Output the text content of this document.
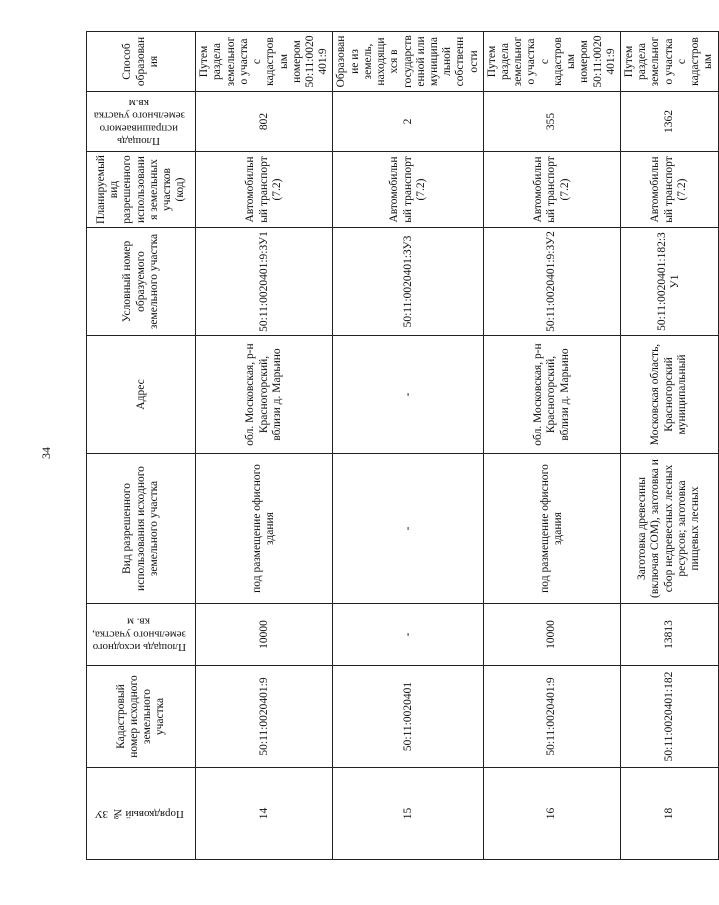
34
Порядковый № ЗУ	Кадастровый номер исходного земельного участка	Площадь исходного земельного участка, кв. м	Вид разрешенного использования исходного земельного участка	Адрес	Условный номер образуемого земельного участка	Планируемый вид разрешенного использования земельных участков (код)	Площадь испрашиваемого земельного участка кв.м	Способ образования
14	50:11:0020401:9	10000	под размещение офисного здания	обл. Московская, р-н Красногорский, вблизи д. Марьино	50:11:0020401:9:ЗУ1	Автомобильный транспорт (7.2)	802	Путем раздела земельного участка с кадастровым номером 50:11:0020401:9
15	50:11:0020401	-	-	-	50:11:0020401:ЗУ3	Автомобильный транспорт (7.2)	2	Образование из земель, находящихся в государственной или муниципальной собственности
16	50:11:0020401:9	10000	под размещение офисного здания	обл. Московская, р-н Красногорский, вблизи д. Марьино	50:11:0020401:9:ЗУ2	Автомобильный транспорт (7.2)	355	Путем раздела земельного участка с кадастровым номером 50:11:0020401:9
18	50:11:0020401:182	13813	Заготовка древесины (включая СОМ), заготовка и сбор недревесных лесных ресурсов; заготовка пищевых лесных	Московская область, Красногорский муниципальный	50:11:0020401:182:ЗУ1	Автомобильный транспорт (7.2)	1362	Путем раздела земельного участка с кадастровым
